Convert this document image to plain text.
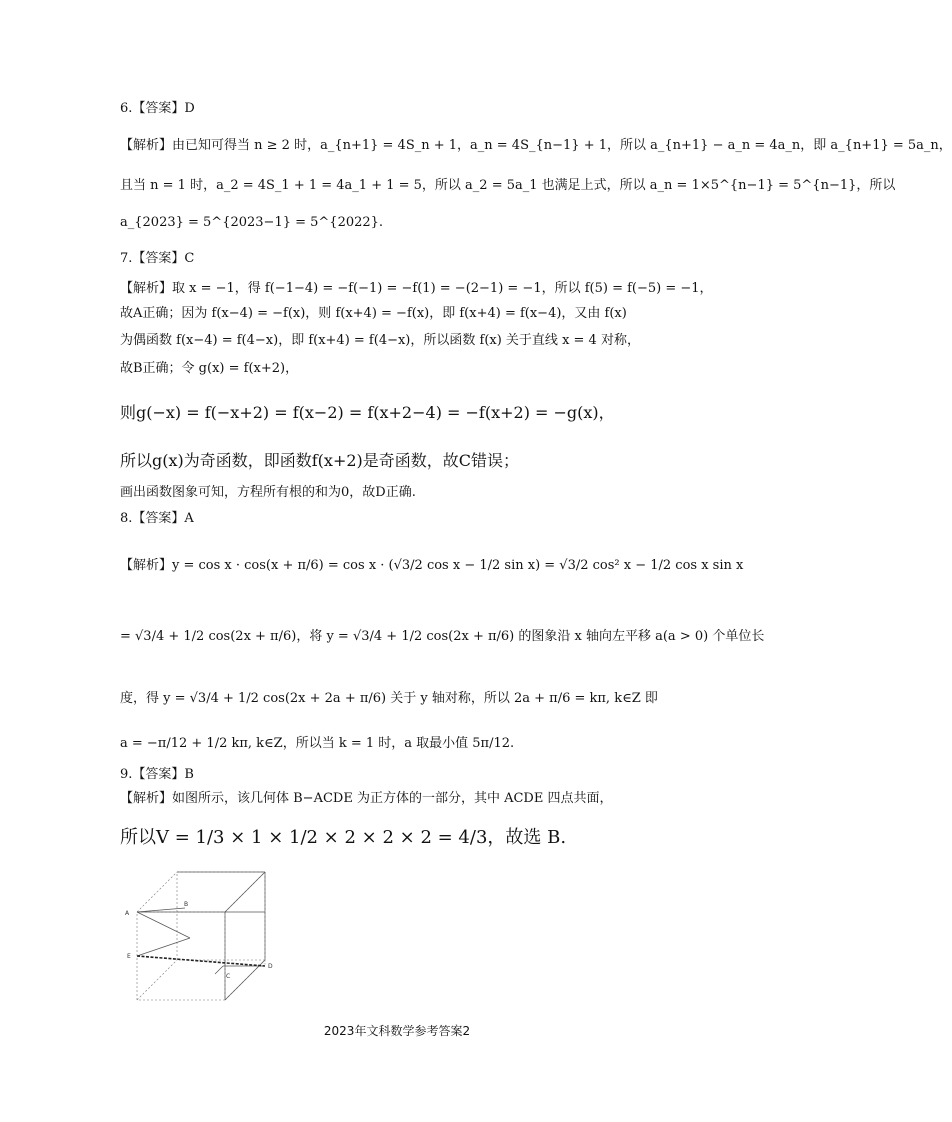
6.【答案】D
【解析】由已知可得当 n ≥ 2 时，a_{n+1} = 4S_n + 1，a_n = 4S_{n−1} + 1，所以 a_{n+1} − a_n = 4a_n，即 a_{n+1} = 5a_n，
且当 n = 1 时，a_2 = 4S_1 + 1 = 4a_1 + 1 = 5，所以 a_2 = 5a_1 也满足上式，所以 a_n = 1×5^{n−1} = 5^{n−1}，所以
a_{2023} = 5^{2023−1} = 5^{2022}.
7.【答案】C
【解析】取 x = −1，得 f(−1−4) = −f(−1) = −f(1) = −(2−1) = −1，所以 f(5) = f(−5) = −1，
故A正确；因为 f(x−4) = −f(x)，则 f(x+4) = −f(x)，即 f(x+4) = f(x−4)，又由 f(x)
为偶函数 f(x−4) = f(4−x)，即 f(x+4) = f(4−x)，所以函数 f(x) 关于直线 x = 4 对称，
故B正确；令 g(x) = f(x+2)，
则g(−x) = f(−x+2) = f(x−2) = f(x+2−4) = −f(x+2) = −g(x)，
所以g(x)为奇函数，即函数f(x+2)是奇函数，故C错误；
画出函数图象可知，方程所有根的和为0，故D正确.
8.【答案】A
【解析】y = cos x · cos(x + π/6) = cos x · (√3/2 cos x − 1/2 sin x) = √3/2 cos² x − 1/2 cos x sin x
= √3/4 + 1/2 cos(2x + π/6)，将 y = √3/4 + 1/2 cos(2x + π/6) 的图象沿 x 轴向左平移 a(a > 0) 个单位长
度，得 y = √3/4 + 1/2 cos(2x + 2a + π/6) 关于 y 轴对称，所以 2a + π/6 = kπ, k∈Z 即
a = −π/12 + 1/2 kπ, k∈Z，所以当 k = 1 时，a 取最小值 5π/12.
9.【答案】B
【解析】如图所示，该几何体 B−ACDE 为正方体的一部分，其中 ACDE 四点共面，
所以V = 1/3 × 1 × 1/2 × 2 × 2 × 2 = 4/3，故选 B.
A
B
E
C
D
2023年文科数学参考答案2
